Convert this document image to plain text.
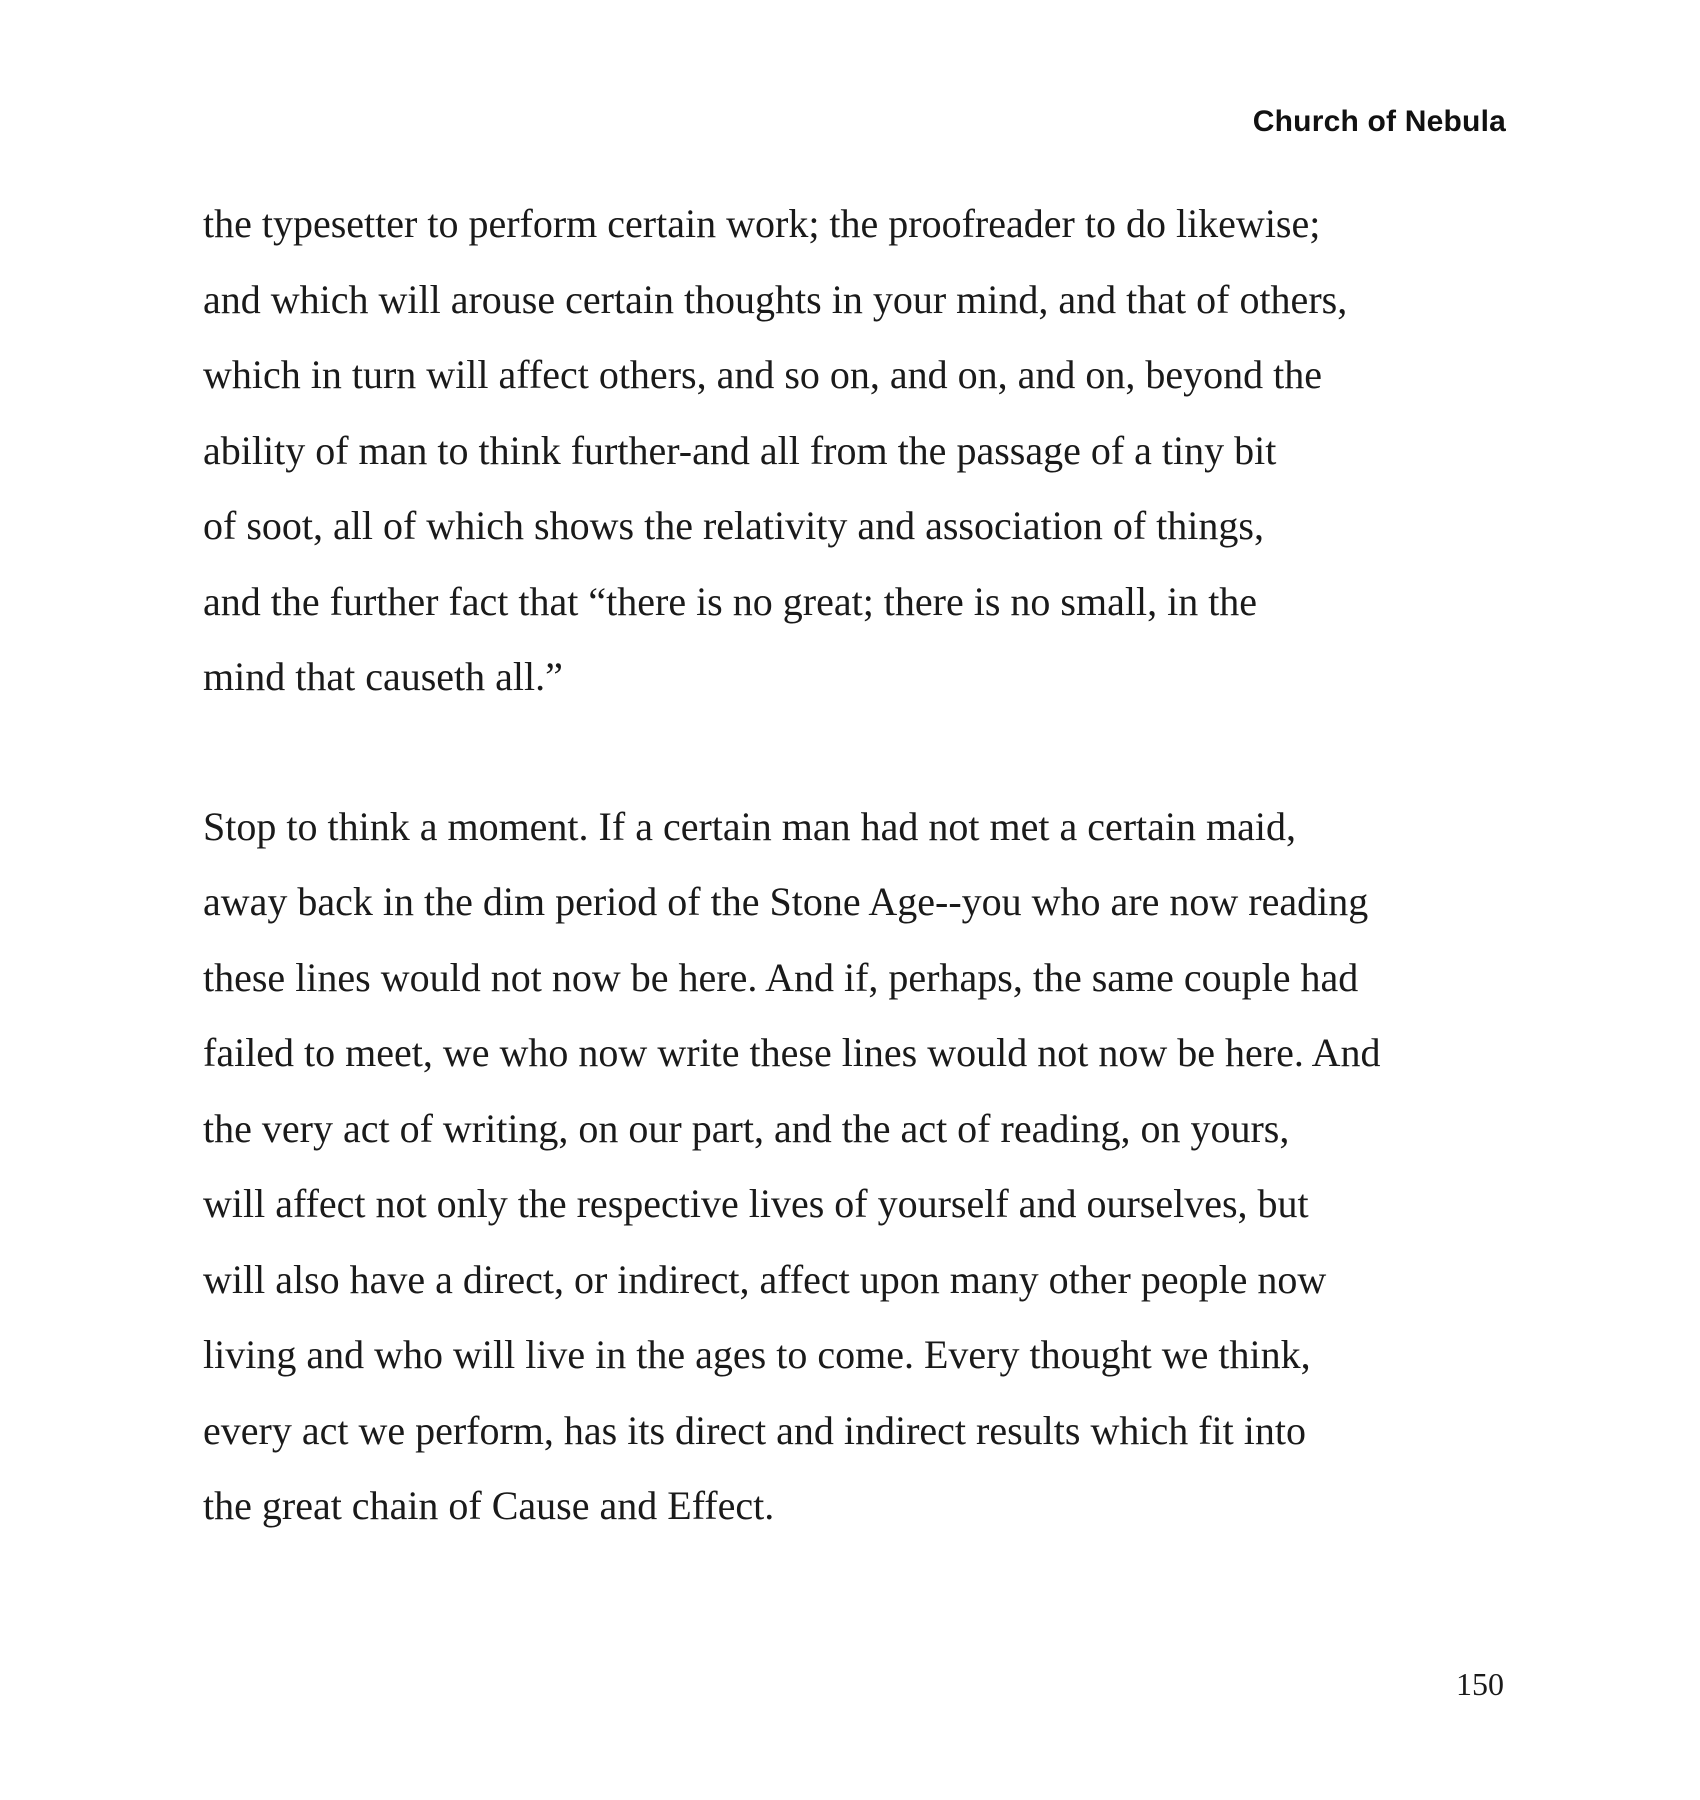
Church of Nebula

the typesetter to perform certain work; the proofreader to do likewise;
and which will arouse certain thoughts in your mind, and that of others,
which in turn will affect others, and so on, and on, and on, beyond the
ability of man to think further-and all from the passage of a tiny bit
of soot, all of which shows the relativity and association of things,
and the further fact that “there is no great; there is no small, in the
mind that causeth all.”

Stop to think a moment. If a certain man had not met a certain maid,
away back in the dim period of the Stone Age--you who are now reading
these lines would not now be here. And if, perhaps, the same couple had
failed to meet, we who now write these lines would not now be here. And
the very act of writing, on our part, and the act of reading, on yours,
will affect not only the respective lives of yourself and ourselves, but
will also have a direct, or indirect, affect upon many other people now
living and who will live in the ages to come. Every thought we think,
every act we perform, has its direct and indirect results which fit into
the great chain of Cause and Effect.

150
